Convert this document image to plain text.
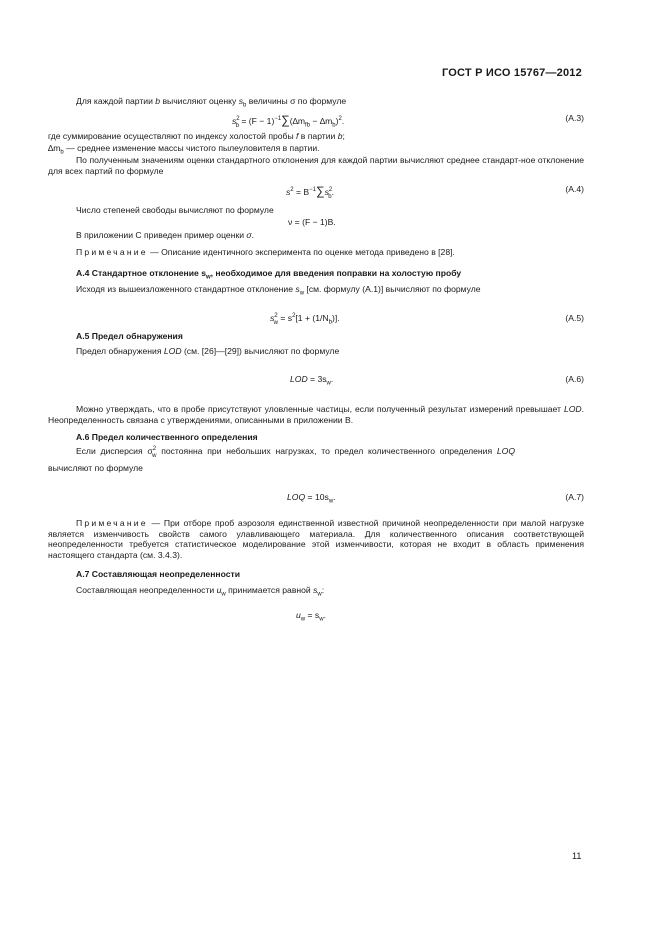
ГОСТ Р ИСО 15767—2012
Для каждой партии b вычисляют оценку $s_b$ величины σ по формуле
$s^2_b = (F - 1)^{-1}\sum(\Delta m_{fb} - \Delta m_b)^2$.	(А.3)
где суммирование осуществляют по индексу холостой пробы f в партии b;
$\Delta m_b$ — среднее изменение массы чистого пылеуловителя в партии.
По полученным значениям оценки стандартного отклонения для каждой партии вычисляют среднее стандарт-ное отклонение для всех партий по формуле
$s^2 = B^{-1}\sum s^2_b$.	(А.4)
Число степеней свободы вычисляют по формуле
ν = (F − 1)B.
В приложении С приведен пример оценки σ.
Примечание — Описание идентичного эксперимента по оценке метода приведено в [28].
А.4 Стандартное отклонение $s_w$, необходимое для введения поправки на холостую пробу
Исходя из вышеизложенного стандартное отклонение $s_w$ [см. формулу (А.1)] вычисляют по формуле
$s^2_w = s^2[1 + (1/N_b)]$.	(А.5)
А.5 Предел обнаружения
Предел обнаружения LOD (см. [26]—[29]) вычисляют по формуле
LOD = $3s_w$.	(А.6)
Можно утверждать, что в пробе присутствуют уловленные частицы, если полученный результат измерений превышает LOD. Неопределенность связана с утверждениями, описанными в приложении В.
А.6 Предел количественного определения
Если дисперсия $\sigma^2_w$ постоянна при небольших нагрузках, то предел количественного определения LOQ
вычисляют по формуле
LOQ = $10s_w$.	(А.7)
Примечание — При отборе проб аэрозоля единственной известной причиной неопределенности при малой нагрузке является изменчивость свойств самого улавливающего материала. Для количественного описания соответствующей неопределенности требуется статистическое моделирование этой изменчивости, которая не входит в область применения настоящего стандарта (см. 3.4.3).
А.7 Составляющая неопределенности
Составляющая неопределенности $u_w$ принимается равной $s_w$:
$u_w = s_w$.
11
